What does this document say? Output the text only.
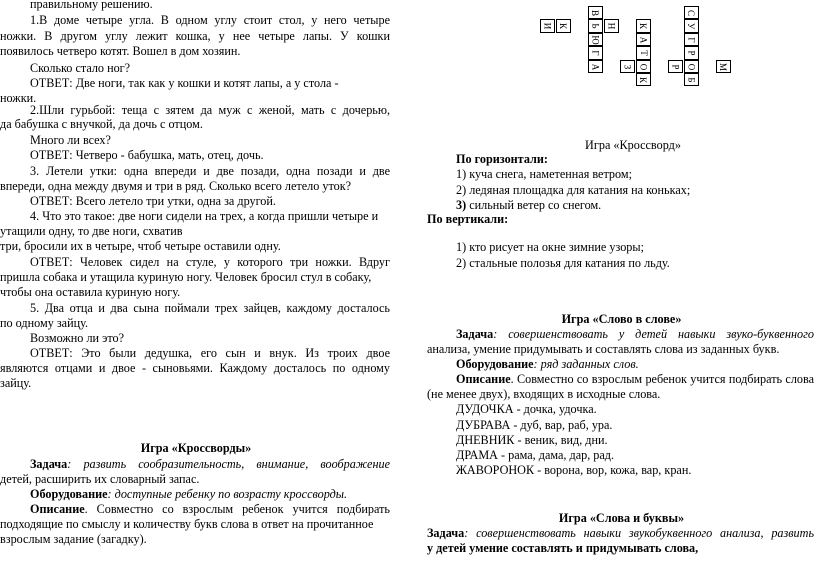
правильному решению.
1.В доме четыре угла. В одном углу стоит стол, у него четыре
ножки. В другом углу лежит кошка, у нее четыре лапы. У кошки
появилось четверо котят. Вошел в дом хозяин.
Сколько стало ног?
ОТВЕТ: Две ноги, так как у кошки и котят лапы, а у стола -
ножки.
2.Шли гурьбой: теща с зятем да муж с женой, мать с дочерью,
да бабушка с внучкой, да дочь с отцом.
Много ли всех?
ОТВЕТ: Четверо - бабушка, мать, отец, дочь.
3. Летели утки: одна впереди и две позади, одна позади и две
впереди, одна между двумя и три в ряд. Сколько всего летело уток?
ОТВЕТ: Всего летело три утки, одна за другой.
4. Что это такое: две ноги сидели на трех, а когда пришли четыре и
утащили одну, то две ноги, схватив
три, бросили их в четыре, чтоб четыре оставили одну.
ОТВЕТ: Человек сидел на стуле, у которого три ножки. Вдруг
пришла собака и утащила куриную ногу. Человек бросил стул в собаку,
чтобы она оставила куриную ногу.
5. Два отца и два сына поймали трех зайцев, каждому досталось
по одному зайцу.
Возможно ли это?
ОТВЕТ: Это были дедушка, его сын и внук. Из троих двое
являются отцами и двое - сыновьями. Каждому досталось по одному
зайцу.
Игра «Кроссворды»
Задача: развить сообразительность, внимание, воображение
детей, расширить их словарный запас.
Оборудование: доступные ребенку по возрасту кроссворды.
Описание. Совместно со взрослым ребенок учится подбирать
подходящие по смыслу и количеству букв слова в ответ на прочитанное
взрослым задание (загадку).
В
Ь
Ю
Г
А
Н
К
И
С
У
Г
Р
О
Б
К
А
Т
О
К
З	Р	М
Игра «Кроссворд»
По горизонтали:
1) куча снега, наметенная ветром;
2) ледяная площадка для катания на коньках;
3) сильный ветер со снегом.
По вертикали:
1) кто рисует на окне зимние узоры;
2) стальные полозья для катания по льду.
Игра «Слово в слове»
Задача: совершенствовать у детей навыки звуко-буквенного
анализа, умение придумывать и составлять слова из заданных букв.
Оборудование: ряд заданных слов.
Описание. Совместно со взрослым ребенок учится подбирать слова
(не менее двух), входящих в исходные слова.
ДУДОЧКА - дочка, удочка.
ДУБРАВА - дуб, вар, раб, ура.
ДНЕВНИК - веник, вид, дни.
ДРАМА - рама, дама, дар, рад.
ЖАВОРОНОК - ворона, вор, кожа, вар, кран.
Игра «Слова и буквы»
Задача: совершенствовать навыки звукобуквенного анализа, развить
у детей умение составлять и придумывать слова,
